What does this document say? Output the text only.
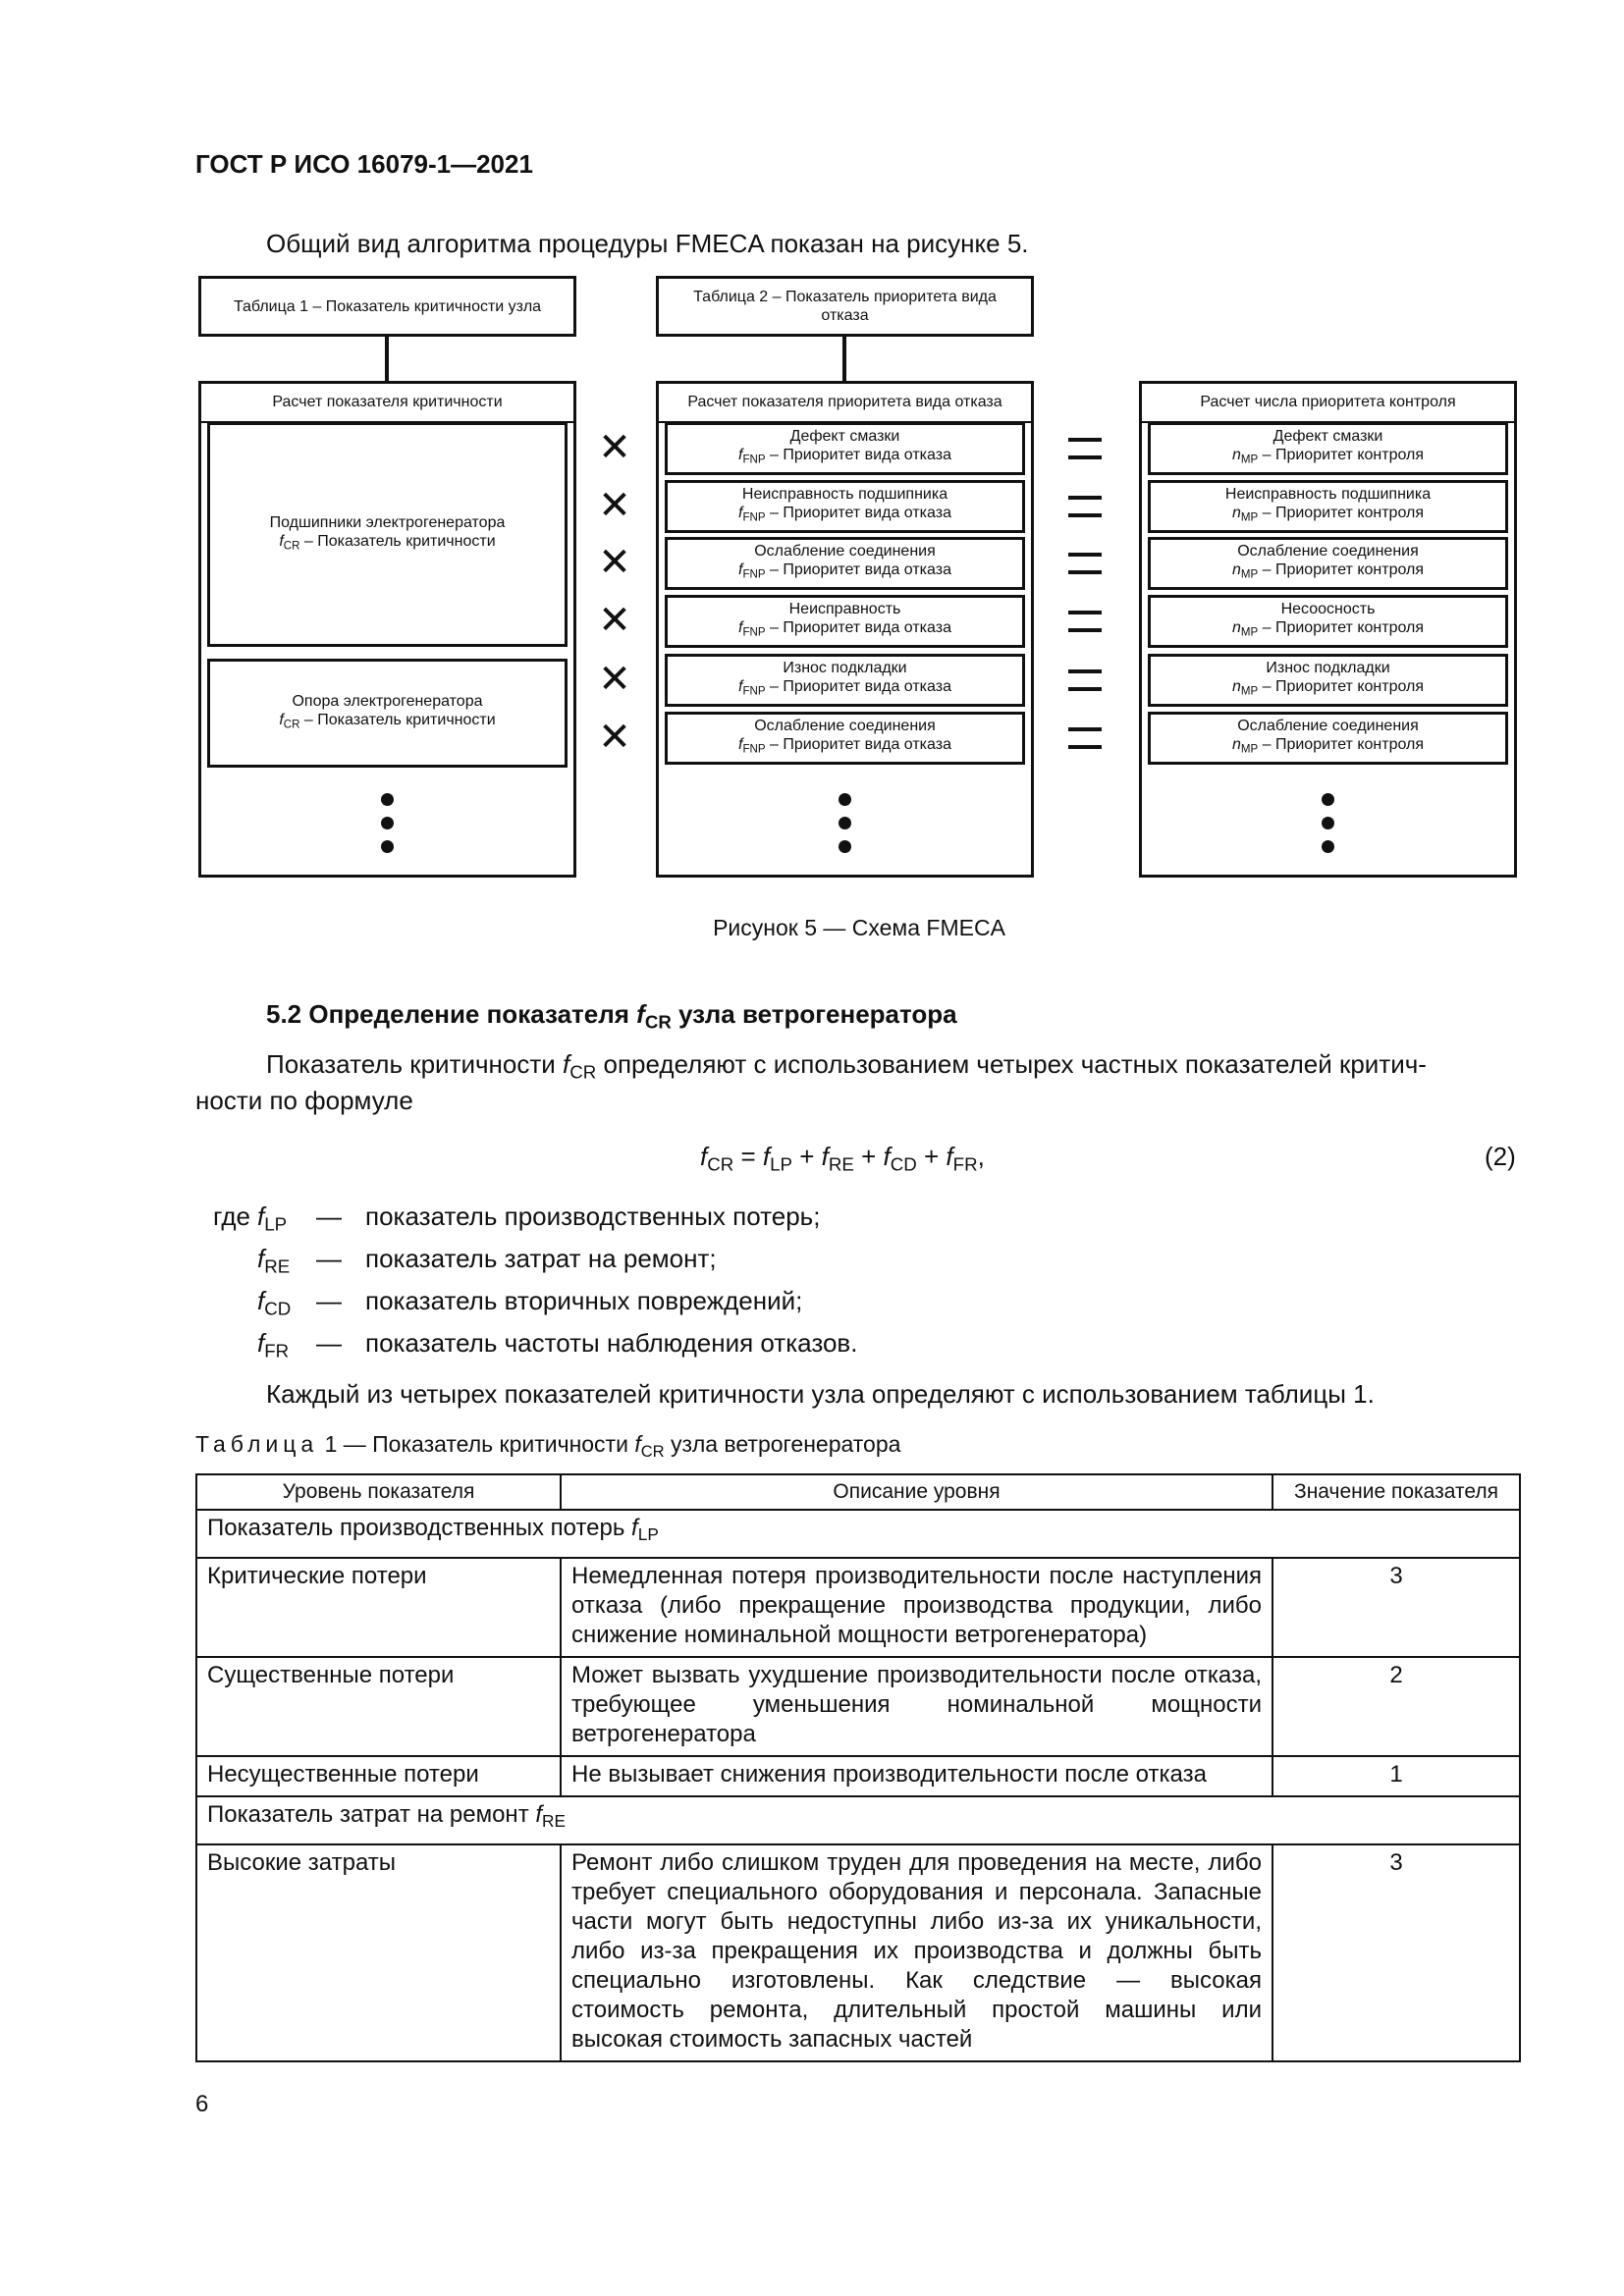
ГОСТ Р ИСО 16079-1—2021
Общий вид алгоритма процедуры FMECA показан на рисунке 5.
Таблица 1 – Показатель критичности узла
Таблица 2 – Показатель приоритета вида отказа
Расчет показателя критичности
Подшипники электрогенератора
$f_{CR}$ – Показатель критичности
Опора электрогенератора
$f_{CR}$ – Показатель критичности
Расчет показателя приоритета вида отказа
Дефект смазки
$f_{FNP}$ – Приоритет вида отказа
Неисправность подшипника
$f_{FNP}$ – Приоритет вида отказа
Ослабление соединения
$f_{FNP}$ – Приоритет вида отказа
Неисправность
$f_{FNP}$ – Приоритет вида отказа
Износ подкладки
$f_{FNP}$ – Приоритет вида отказа
Ослабление соединения
$f_{FNP}$ – Приоритет вида отказа
Расчет числа приоритета контроля
Дефект смазки
$n_{MP}$ – Приоритет контроля
Неисправность подшипника
$n_{MP}$ – Приоритет контроля
Ослабление соединения
$n_{MP}$ – Приоритет контроля
Несоосность
$n_{MP}$ – Приоритет контроля
Износ подкладки
$n_{MP}$ – Приоритет контроля
Ослабление соединения
$n_{MP}$ – Приоритет контроля
✕
✕
✕
✕
✕
✕
Рисунок 5 — Схема FMECA
5.2 Определение показателя $f_{CR}$ узла ветрогенератора
Показатель критичности $f_{CR}$ определяют с использованием четырех частных показателей критич-
ности по формуле
$f_{CR} = f_{LP} + f_{RE} + f_{CD} + f_{FR}$,	(2)
где $f_{LP}$ — показатель производственных потерь;
$f_{RE}$ — показатель затрат на ремонт;
$f_{CD}$ — показатель вторичных повреждений;
$f_{FR}$ — показатель частоты наблюдения отказов.
Каждый из четырех показателей критичности узла определяют с использованием таблицы 1.
Таблица 1 — Показатель критичности $f_{CR}$ узла ветрогенератора
Уровень показателя	Описание уровня	Значение показателя
Показатель производственных потерь $f_{LP}$
Критические потери	Немедленная потеря производительности после наступления отказа (либо прекращение производства продукции, либо снижение номинальной мощности ветрогенератора)	3
Существенные потери	Может вызвать ухудшение производительности после отказа, требующее уменьшения номинальной мощности ветрогенератора	2
Несущественные потери	Не вызывает снижения производительности после отказа	1
Показатель затрат на ремонт $f_{RE}$
Высокие затраты	Ремонт либо слишком труден для проведения на месте, либо требует специального оборудования и персонала. Запасные части могут быть недоступны либо из-за их уникальности, либо из-за прекращения их производства и должны быть специально изготовлены. Как следствие — высокая стоимость ремонта, длительный простой машины или высокая стоимость запасных частей	3
6
